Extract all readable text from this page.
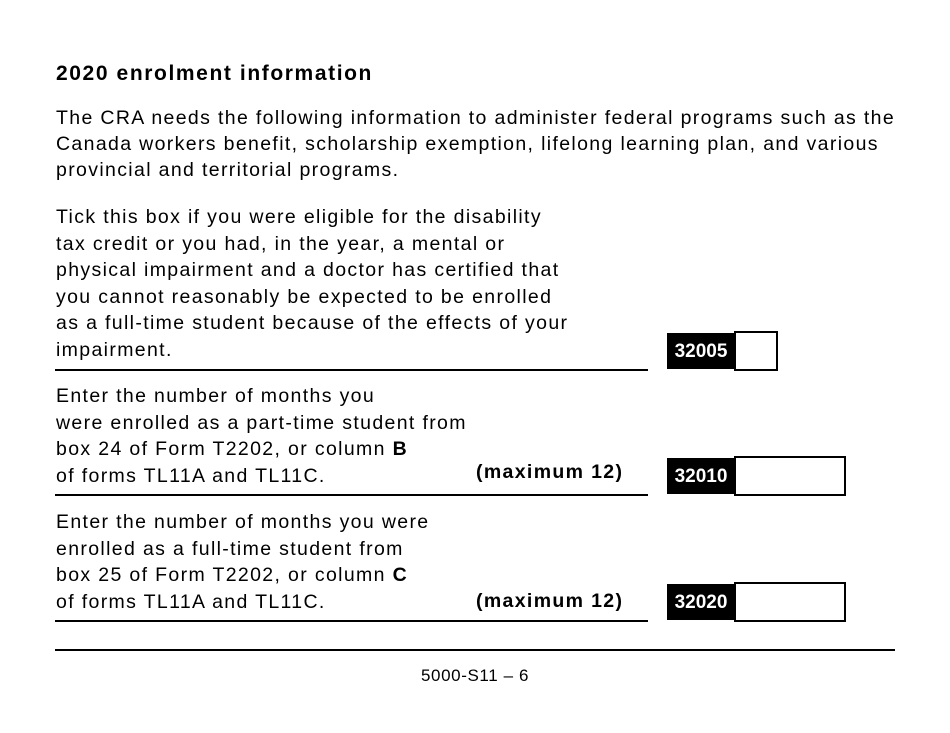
2020 enrolment information

The CRA needs the following information to administer federal programs such as the Canada workers benefit, scholarship exemption, lifelong learning plan, and various provincial and territorial programs.

Tick this box if you were eligible for the disability
tax credit or you had, in the year, a mental or
physical impairment and a doctor has certified that
you cannot reasonably be expected to be enrolled
as a full-time student because of the effects of your
impairment.	32005
Enter the number of months you
were enrolled as a part-time student from
box 24 of Form T2202, or column B
of forms TL11A and TL11C.	(maximum 12)	32010
Enter the number of months you were
enrolled as a full-time student from
box 25 of Form T2202, or column C
of forms TL11A and TL11C.	(maximum 12)	32020
5000-S11 – 6
